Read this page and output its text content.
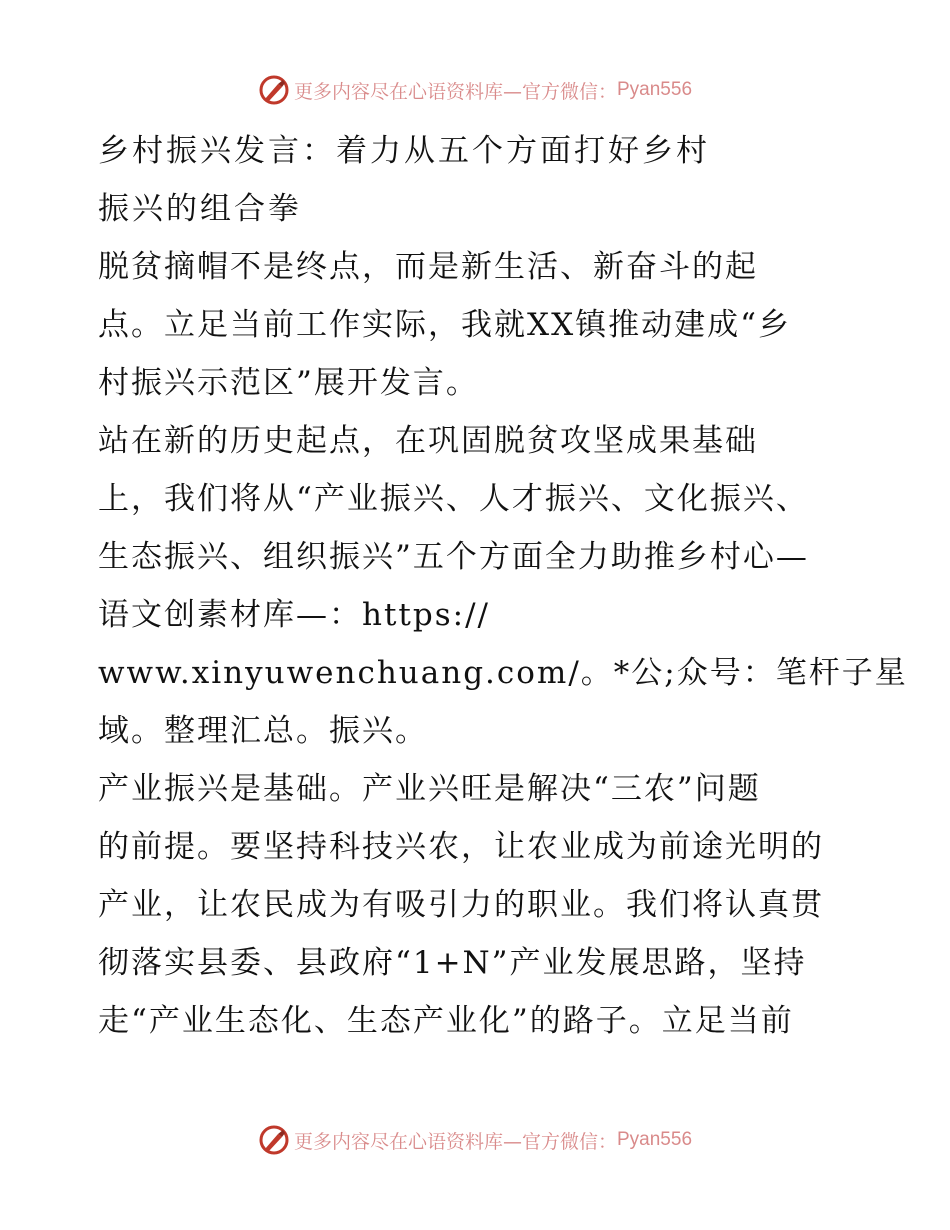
更多内容尽在心语资料库—官方微信： Pyan556
乡村振兴发言：着力从五个方面打好乡村
振兴的组合拳
脱贫摘帽不是终点，而是新生活、新奋斗的起
点。立足当前工作实际，我就XX镇推动建成“乡
村振兴示范区”展开发言。
站在新的历史起点，在巩固脱贫攻坚成果基础
上，我们将从“产业振兴、人才振兴、文化振兴、
生态振兴、组织振兴”五个方面全力助推乡村心—
语文创素材库—：https://
www.xinyuwenchuang.com/。*公;众号：笔杆子星
域。整理汇总。振兴。
产业振兴是基础。产业兴旺是解决“三农”问题
的前提。要坚持科技兴农，让农业成为前途光明的
产业，让农民成为有吸引力的职业。我们将认真贯
彻落实县委、县政府“1+N”产业发展思路，坚持
走“产业生态化、生态产业化”的路子。立足当前
更多内容尽在心语资料库—官方微信： Pyan556
